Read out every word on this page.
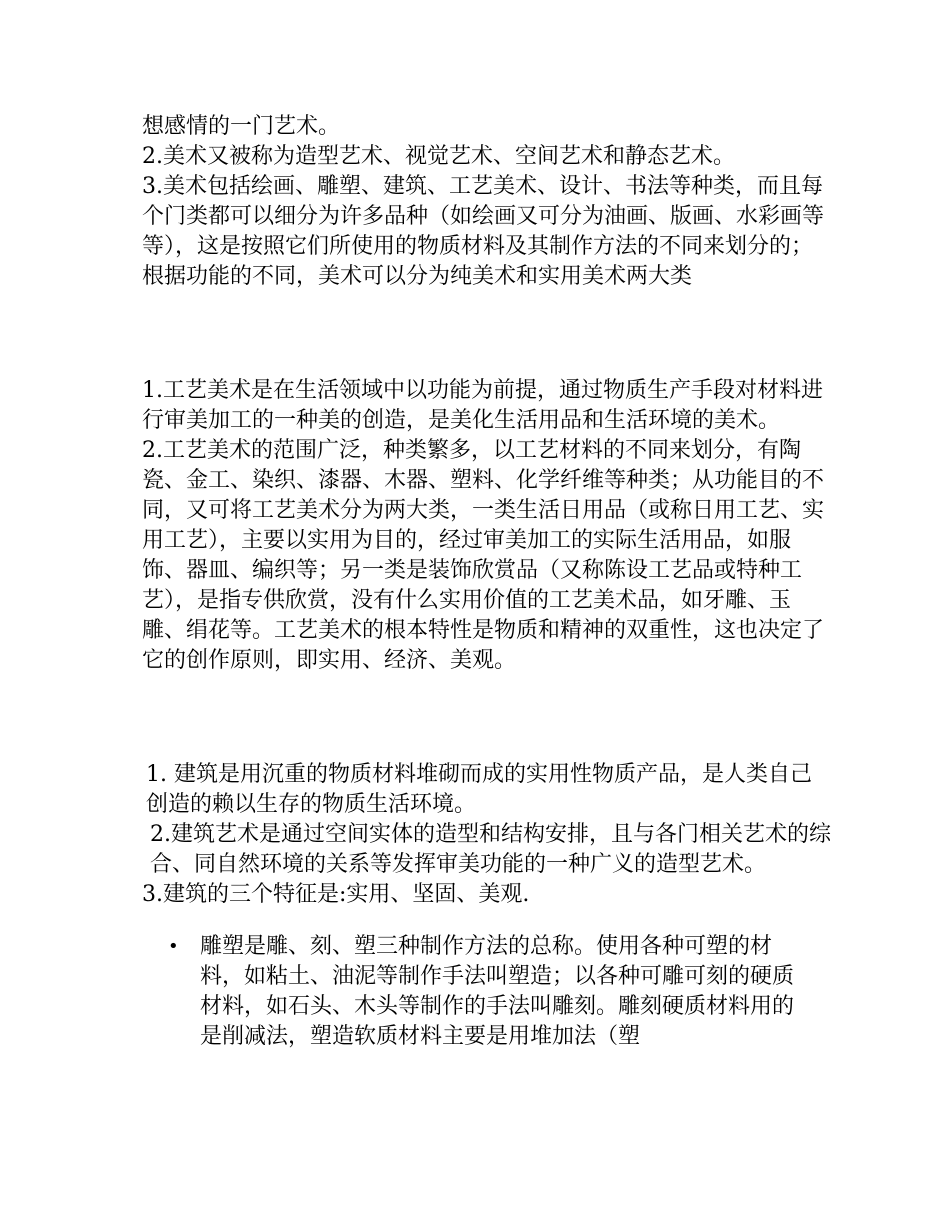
想感情的一门艺术。

2.美术又被称为造型艺术、视觉艺术、空间艺术和静态艺术。

3.美术包括绘画、雕塑、建筑、工艺美术、设计、书法等种类，而且每个门类都可以细分为许多品种（如绘画又可分为油画、版画、水彩画等等），这是按照它们所使用的物质材料及其制作方法的不同来划分的；根据功能的不同，美术可以分为纯美术和实用美术两大类

1.工艺美术是在生活领域中以功能为前提，通过物质生产手段对材料进行审美加工的一种美的创造，是美化生活用品和生活环境的美术。

2.工艺美术的范围广泛，种类繁多，以工艺材料的不同来划分，有陶瓷、金工、染织、漆器、木器、塑料、化学纤维等种类；从功能目的不同，又可将工艺美术分为两大类，一类生活日用品（或称日用工艺、实用工艺），主要以实用为目的，经过审美加工的实际生活用品，如服饰、器皿、编织等；另一类是装饰欣赏品（又称陈设工艺品或特种工艺），是指专供欣赏，没有什么实用价值的工艺美术品，如牙雕、玉雕、绢花等。工艺美术的根本特性是物质和精神的双重性，这也决定了它的创作原则，即实用、经济、美观。

1. 建筑是用沉重的物质材料堆砌而成的实用性物质产品，是人类自己创造的赖以生存的物质生活环境。

2.建筑艺术是通过空间实体的造型和结构安排，且与各门相关艺术的综合、同自然环境的关系等发挥审美功能的一种广义的造型艺术。

3.建筑的三个特征是:实用、坚固、美观.

• 雕塑是雕、刻、塑三种制作方法的总称。使用各种可塑的材料，如粘土、油泥等制作手法叫塑造；以各种可雕可刻的硬质材料，如石头、木头等制作的手法叫雕刻。雕刻硬质材料用的是削减法，塑造软质材料主要是用堆加法（塑
